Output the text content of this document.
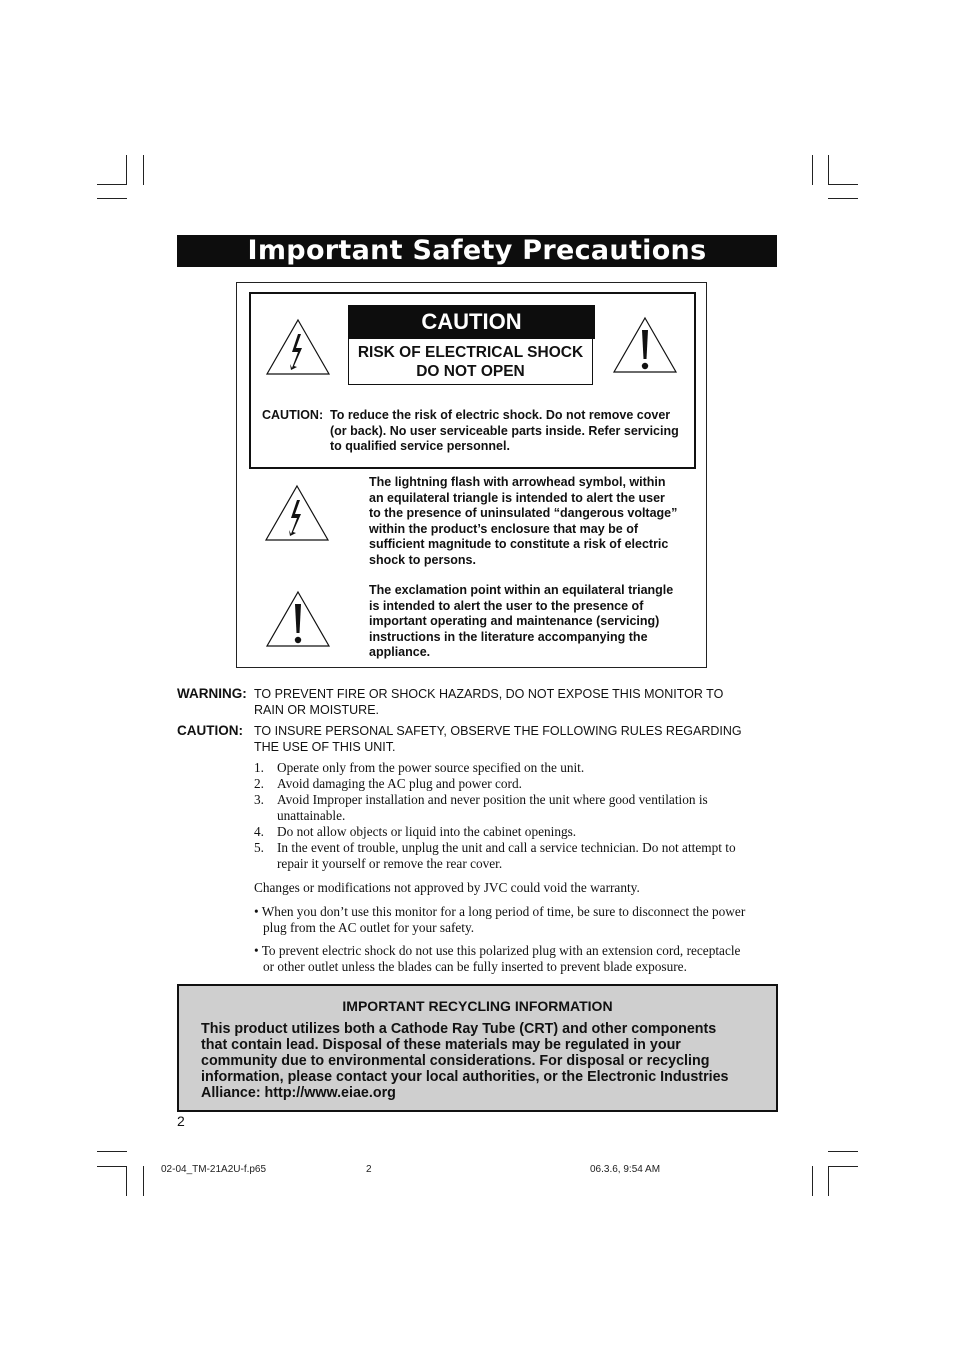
Important Safety Precautions
CAUTION
RISK OF ELECTRICAL SHOCK
DO NOT OPEN
CAUTION: To reduce the risk of electric shock. Do not remove cover
(or back). No user serviceable parts inside. Refer servicing
to qualified service personnel.
The lightning flash with arrowhead symbol, within
an equilateral triangle is intended to alert the user
to the presence of uninsulated “dangerous voltage”
within the product’s enclosure that may be of
sufficient magnitude to constitute a risk of electric
shock to persons.
The exclamation point within an equilateral triangle
is intended to alert the user to the presence of
important operating and maintenance (servicing)
instructions in the literature accompanying the
appliance.
WARNING: TO PREVENT FIRE OR SHOCK HAZARDS, DO NOT EXPOSE THIS MONITOR TO
RAIN OR MOISTURE.
CAUTION: TO INSURE PERSONAL SAFETY, OBSERVE THE FOLLOWING RULES REGARDING
THE USE OF THIS UNIT.
1. Operate only from the power source specified on the unit.
2. Avoid damaging the AC plug and power cord.
3. Avoid Improper installation and never position the unit where good ventilation is
unattainable.
4. Do not allow objects or liquid into the cabinet openings.
5. In the event of trouble, unplug the unit and call a service technician. Do not attempt to
repair it yourself or remove the rear cover.
Changes or modifications not approved by JVC could void the warranty.
• When you don’t use this monitor for a long period of time, be sure to disconnect the power
plug from the AC outlet for your safety.
• To prevent electric shock do not use this polarized plug with an extension cord, receptacle
or other outlet unless the blades can be fully inserted to prevent blade exposure.
IMPORTANT RECYCLING INFORMATION
This product utilizes both a Cathode Ray Tube (CRT) and other components
that contain lead. Disposal of these materials may be regulated in your
community due to environmental considerations. For disposal or recycling
information, please contact your local authorities, or the Electronic Industries
Alliance: http://www.eiae.org
2
02-04_TM-21A2U-f.p65	2	06.3.6, 9:54 AM
